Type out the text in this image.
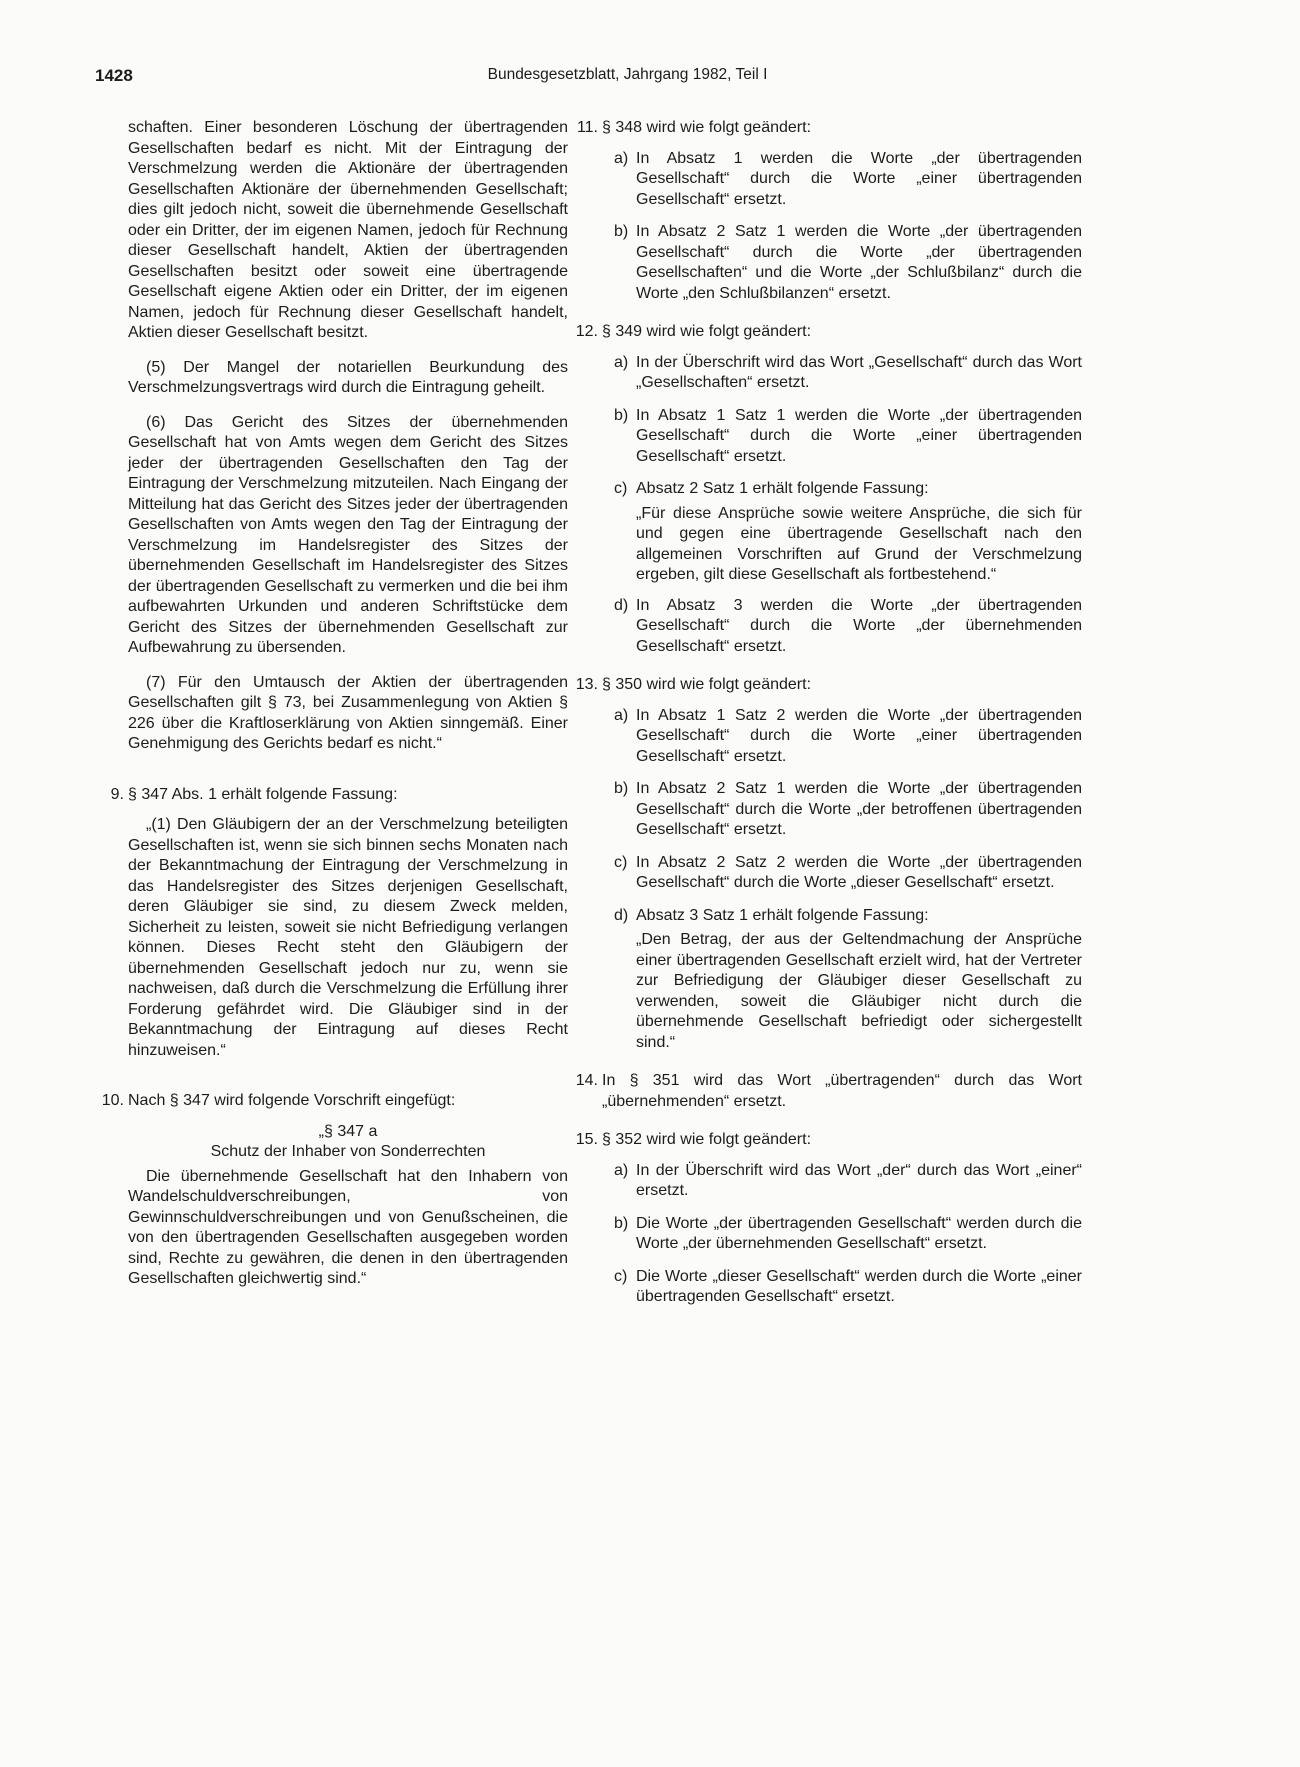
1428	Bundesgesetzblatt, Jahrgang 1982, Teil I

schaften. Einer besonderen Löschung der übertragenden Gesellschaften bedarf es nicht. Mit der Eintragung der Verschmelzung werden die Aktionäre der übertragenden Gesellschaften Aktionäre der übernehmenden Gesellschaft; dies gilt jedoch nicht, soweit die übernehmende Gesellschaft oder ein Dritter, der im eigenen Namen, jedoch für Rechnung dieser Gesellschaft handelt, Aktien der übertragenden Gesellschaften besitzt oder soweit eine übertragende Gesellschaft eigene Aktien oder ein Dritter, der im eigenen Namen, jedoch für Rechnung dieser Gesellschaft handelt, Aktien dieser Gesellschaft besitzt.

(5) Der Mangel der notariellen Beurkundung des Verschmelzungsvertrags wird durch die Eintragung geheilt.

(6) Das Gericht des Sitzes der übernehmenden Gesellschaft hat von Amts wegen dem Gericht des Sitzes jeder der übertragenden Gesellschaften den Tag der Eintragung der Verschmelzung mitzuteilen. Nach Eingang der Mitteilung hat das Gericht des Sitzes jeder der übertragenden Gesellschaften von Amts wegen den Tag der Eintragung der Verschmelzung im Handelsregister des Sitzes der übernehmenden Gesellschaft im Handelsregister des Sitzes der übertragenden Gesellschaft zu vermerken und die bei ihm aufbewahrten Urkunden und anderen Schriftstücke dem Gericht des Sitzes der übernehmenden Gesellschaft zur Aufbewahrung zu übersenden.

(7) Für den Umtausch der Aktien der übertragenden Gesellschaften gilt § 73, bei Zusammenlegung von Aktien § 226 über die Kraftloserklärung von Aktien sinngemäß. Einer Genehmigung des Gerichts bedarf es nicht.“

9. § 347 Abs. 1 erhält folgende Fassung:

„(1) Den Gläubigern der an der Verschmelzung beteiligten Gesellschaften ist, wenn sie sich binnen sechs Monaten nach der Bekanntmachung der Eintragung der Verschmelzung in das Handelsregister des Sitzes derjenigen Gesellschaft, deren Gläubiger sie sind, zu diesem Zweck melden, Sicherheit zu leisten, soweit sie nicht Befriedigung verlangen können. Dieses Recht steht den Gläubigern der übernehmenden Gesellschaft jedoch nur zu, wenn sie nachweisen, daß durch die Verschmelzung die Erfüllung ihrer Forderung gefährdet wird. Die Gläubiger sind in der Bekanntmachung der Eintragung auf dieses Recht hinzuweisen.“

10. Nach § 347 wird folgende Vorschrift eingefügt:

„§ 347 a

Schutz der Inhaber von Sonderrechten

Die übernehmende Gesellschaft hat den Inhabern von Wandelschuldverschreibungen, von Gewinnschuldverschreibungen und von Genußscheinen, die von den übertragenden Gesellschaften ausgegeben worden sind, Rechte zu gewähren, die denen in den übertragenden Gesellschaften gleichwertig sind.“

11. § 348 wird wie folgt geändert:
a) In Absatz 1 werden die Worte „der übertragenden Gesellschaft“ durch die Worte „einer übertragenden Gesellschaft“ ersetzt.
b) In Absatz 2 Satz 1 werden die Worte „der übertragenden Gesellschaft“ durch die Worte „der übertragenden Gesellschaften“ und die Worte „der Schlußbilanz“ durch die Worte „den Schlußbilanzen“ ersetzt.
12. § 349 wird wie folgt geändert:
a) In der Überschrift wird das Wort „Gesellschaft“ durch das Wort „Gesellschaften“ ersetzt.
b) In Absatz 1 Satz 1 werden die Worte „der übertragenden Gesellschaft“ durch die Worte „einer übertragenden Gesellschaft“ ersetzt.
c) Absatz 2 Satz 1 erhält folgende Fassung:

„Für diese Ansprüche sowie weitere Ansprüche, die sich für und gegen eine übertragende Gesellschaft nach den allgemeinen Vorschriften auf Grund der Verschmelzung ergeben, gilt diese Gesellschaft als fortbestehend.“

d) In Absatz 3 werden die Worte „der übertragenden Gesellschaft“ durch die Worte „der übernehmenden Gesellschaft“ ersetzt.
13. § 350 wird wie folgt geändert:
a) In Absatz 1 Satz 2 werden die Worte „der übertragenden Gesellschaft“ durch die Worte „einer übertragenden Gesellschaft“ ersetzt.
b) In Absatz 2 Satz 1 werden die Worte „der übertragenden Gesellschaft“ durch die Worte „der betroffenen übertragenden Gesellschaft“ ersetzt.
c) In Absatz 2 Satz 2 werden die Worte „der übertragenden Gesellschaft“ durch die Worte „dieser Gesellschaft“ ersetzt.
d) Absatz 3 Satz 1 erhält folgende Fassung:

„Den Betrag, der aus der Geltendmachung der Ansprüche einer übertragenden Gesellschaft erzielt wird, hat der Vertreter zur Befriedigung der Gläubiger dieser Gesellschaft zu verwenden, soweit die Gläubiger nicht durch die übernehmende Gesellschaft befriedigt oder sichergestellt sind.“

14. In § 351 wird das Wort „übertragenden“ durch das Wort „übernehmenden“ ersetzt.
15. § 352 wird wie folgt geändert:
a) In der Überschrift wird das Wort „der“ durch das Wort „einer“ ersetzt.
b) Die Worte „der übertragenden Gesellschaft“ werden durch die Worte „der übernehmenden Gesellschaft“ ersetzt.
c) Die Worte „dieser Gesellschaft“ werden durch die Worte „einer übertragenden Gesellschaft“ ersetzt.
